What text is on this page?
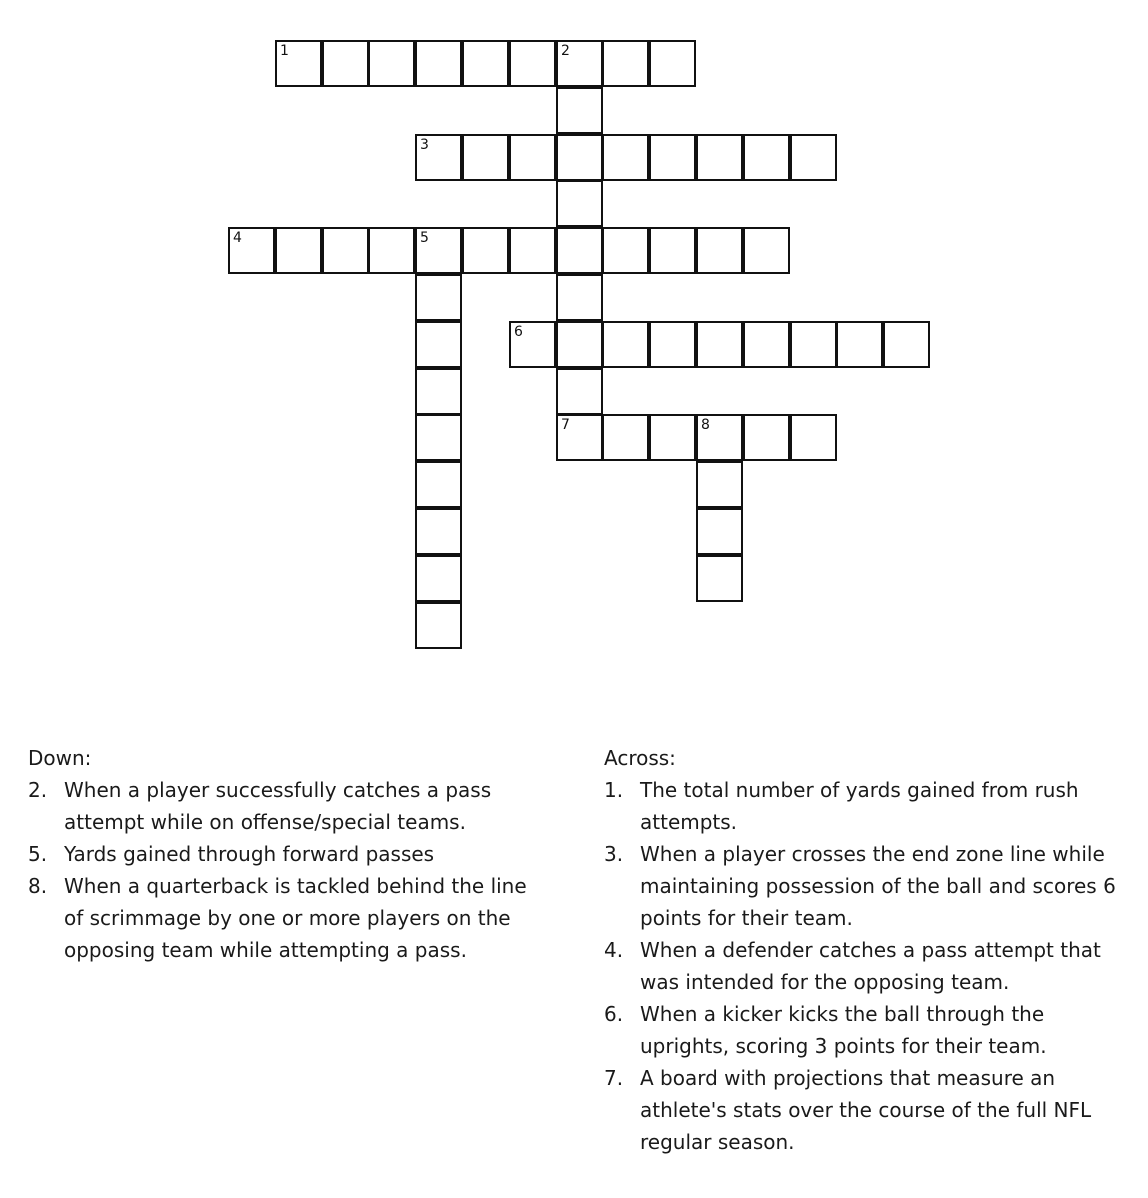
1	2
7
3
4	5
6
8

Down:

2. When a player successfully catches a pass attempt while on offense/special teams.
5. Yards gained through forward passes
8. When a quarterback is tackled behind the line of scrimmage by one or more players on the opposing team while attempting a pass.

Across:

1. The total number of yards gained from rush attempts.
3. When a player crosses the end zone line while maintaining possession of the ball and scores 6 points for their team.
4. When a defender catches a pass attempt that was intended for the opposing team.
6. When a kicker kicks the ball through the uprights, scoring 3 points for their team.
7. A board with projections that measure an athlete's stats over the course of the full NFL regular season.
